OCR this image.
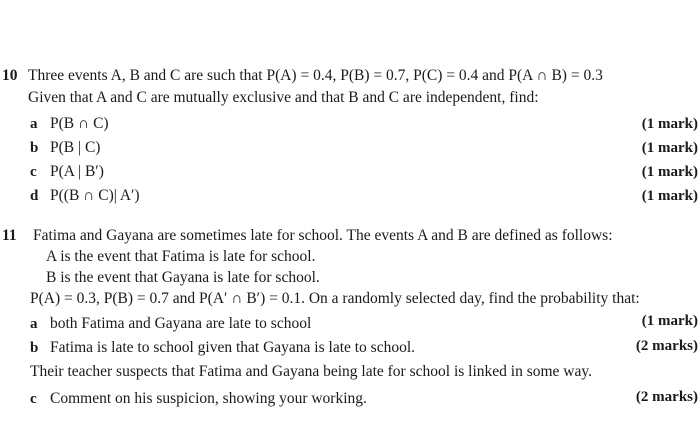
10 Three events A, B and C are such that P(A) = 0.4, P(B) = 0.7, P(C) = 0.4 and P(A ∩ B) = 0.3
Given that A and C are mutually exclusive and that B and C are independent, find:
a P(B ∩ C)	(1 mark)
b P(B | C)	(1 mark)
c P(A | B′)	(1 mark)
d P((B ∩ C)| A′)	(1 mark)
11 Fatima and Gayana are sometimes late for school. The events A and B are defined as follows:
A is the event that Fatima is late for school.
B is the event that Gayana is late for school.
P(A) = 0.3, P(B) = 0.7 and P(A′ ∩ B′) = 0.1. On a randomly selected day, find the probability that:
a both Fatima and Gayana are late to school	(1 mark)
b Fatima is late to school given that Gayana is late to school.	(2 marks)
Their teacher suspects that Fatima and Gayana being late for school is linked in some way.
c Comment on his suspicion, showing your working.	(2 marks)
